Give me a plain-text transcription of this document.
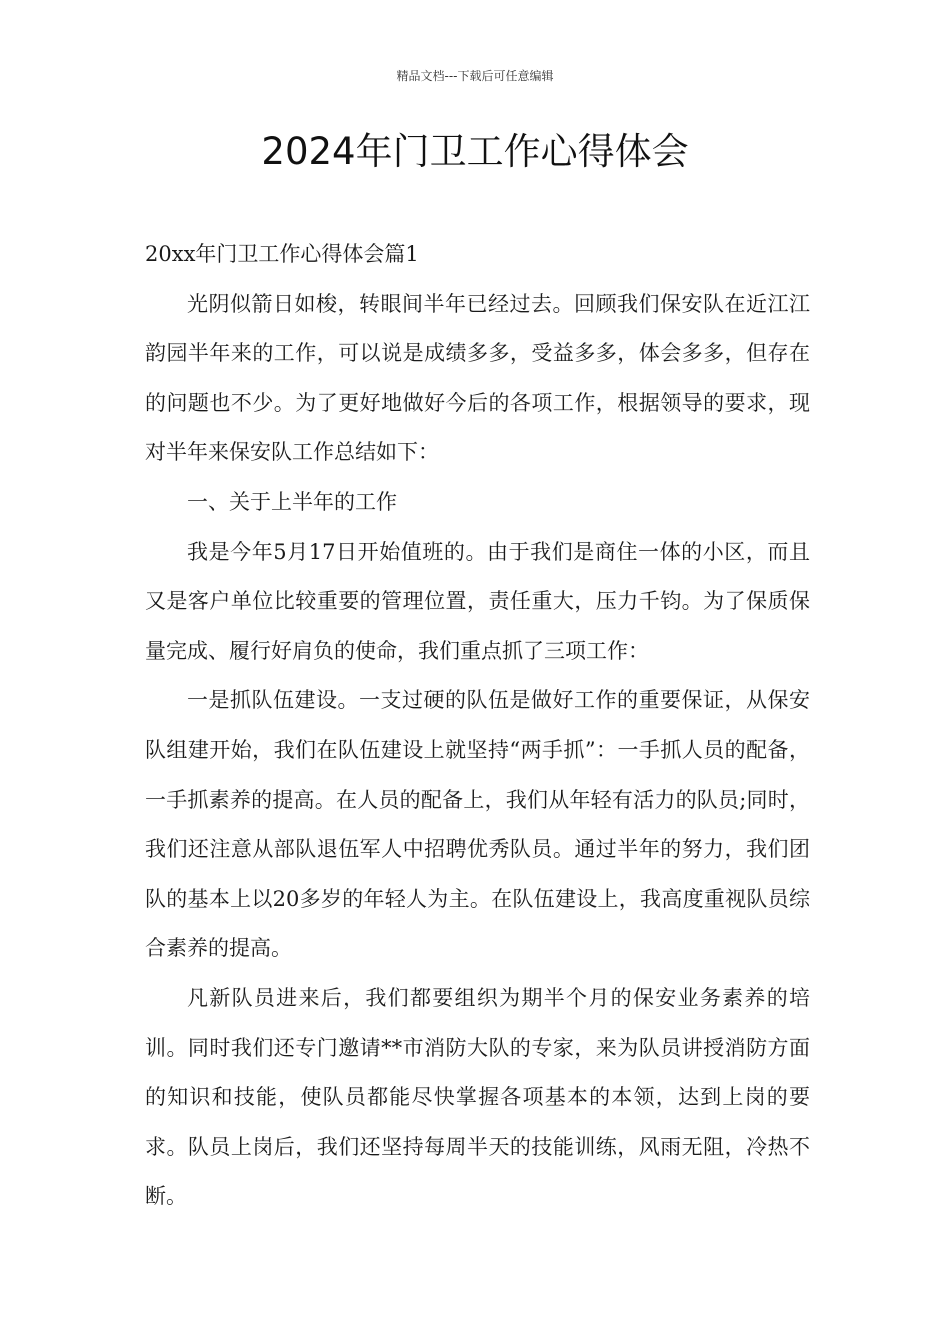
精品文档---下载后可任意编辑
2024年门卫工作心得体会

20xx年门卫工作心得体会篇1

光阴似箭日如梭，转眼间半年已经过去。回顾我们保安队在近江江韵园半年来的工作，可以说是成绩多多，受益多多，体会多多，但存在的问题也不少。为了更好地做好今后的各项工作，根据领导的要求，现对半年来保安队工作总结如下：

一、关于上半年的工作

我是今年5月17日开始值班的。由于我们是商住一体的小区，而且又是客户单位比较重要的管理位置，责任重大，压力千钧。为了保质保量完成、履行好肩负的使命，我们重点抓了三项工作：

一是抓队伍建设。一支过硬的队伍是做好工作的重要保证，从保安队组建开始，我们在队伍建设上就坚持“两手抓”：一手抓人员的配备，一手抓素养的提高。在人员的配备上，我们从年轻有活力的队员;同时，我们还注意从部队退伍军人中招聘优秀队员。通过半年的努力，我们团队的基本上以20多岁的年轻人为主。在队伍建设上，我高度重视队员综合素养的提高。

凡新队员进来后，我们都要组织为期半个月的保安业务素养的培训。同时我们还专门邀请**市消防大队的专家，来为队员讲授消防方面的知识和技能，使队员都能尽快掌握各项基本的本领，达到上岗的要求。队员上岗后，我们还坚持每周半天的技能训练，风雨无阻，冷热不断。
